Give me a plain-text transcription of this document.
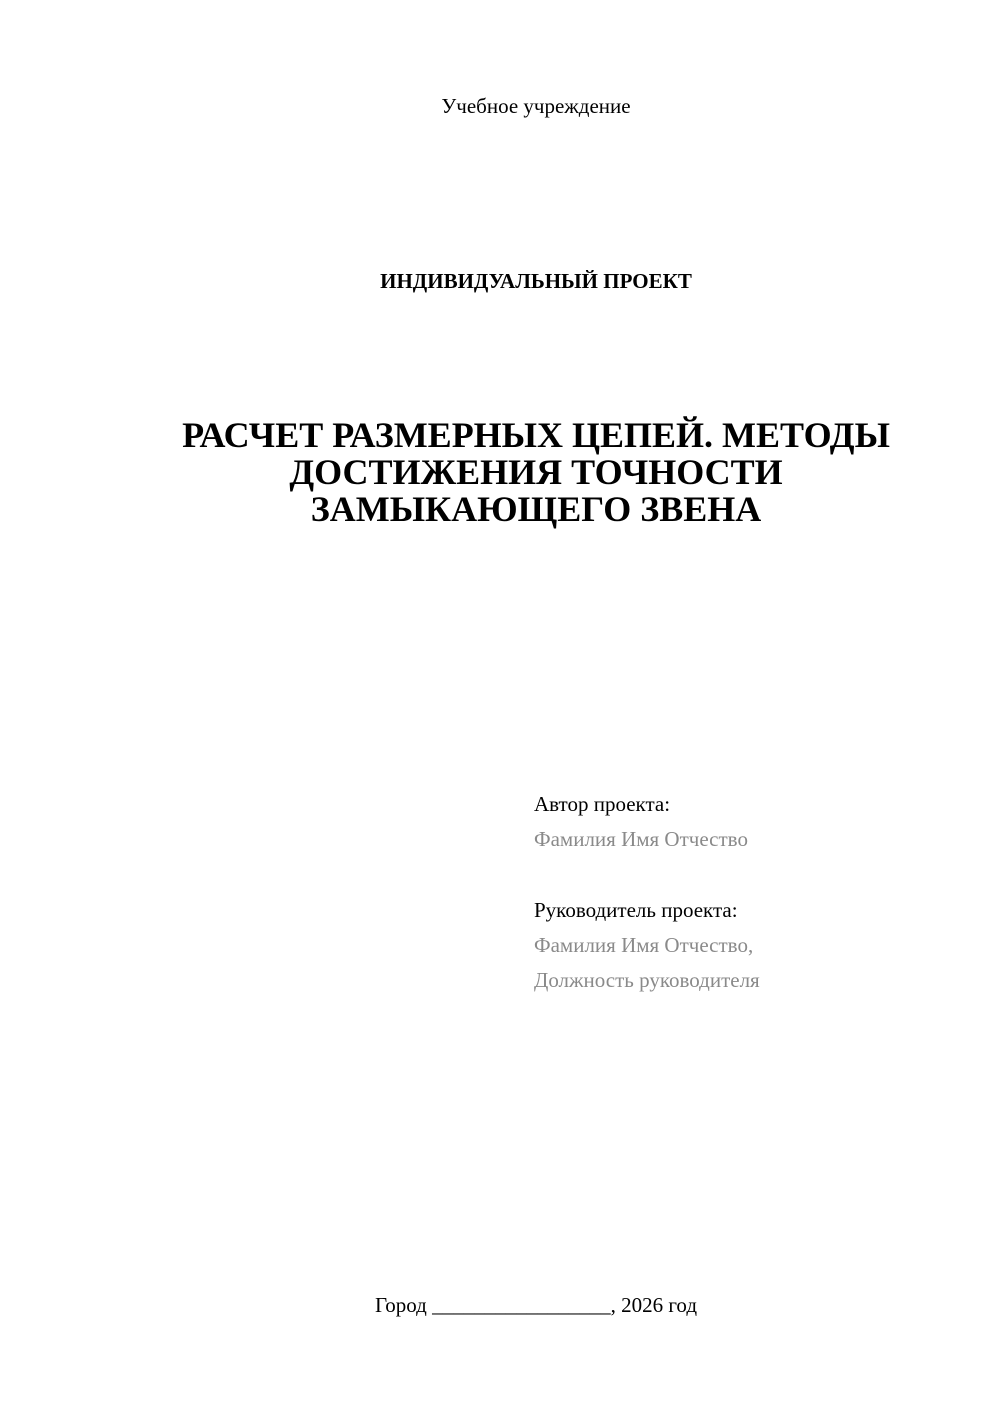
Учебное учреждение
ИНДИВИДУАЛЬНЫЙ ПРОЕКТ
РАСЧЕТ РАЗМЕРНЫХ ЦЕПЕЙ. МЕТОДЫ
ДОСТИЖЕНИЯ ТОЧНОСТИ
ЗАМЫКАЮЩЕГО ЗВЕНА
Автор проекта:
Фамилия Имя Отчество
Руководитель проекта:
Фамилия Имя Отчество,
Должность руководителя
Город _________________, 2026 год
